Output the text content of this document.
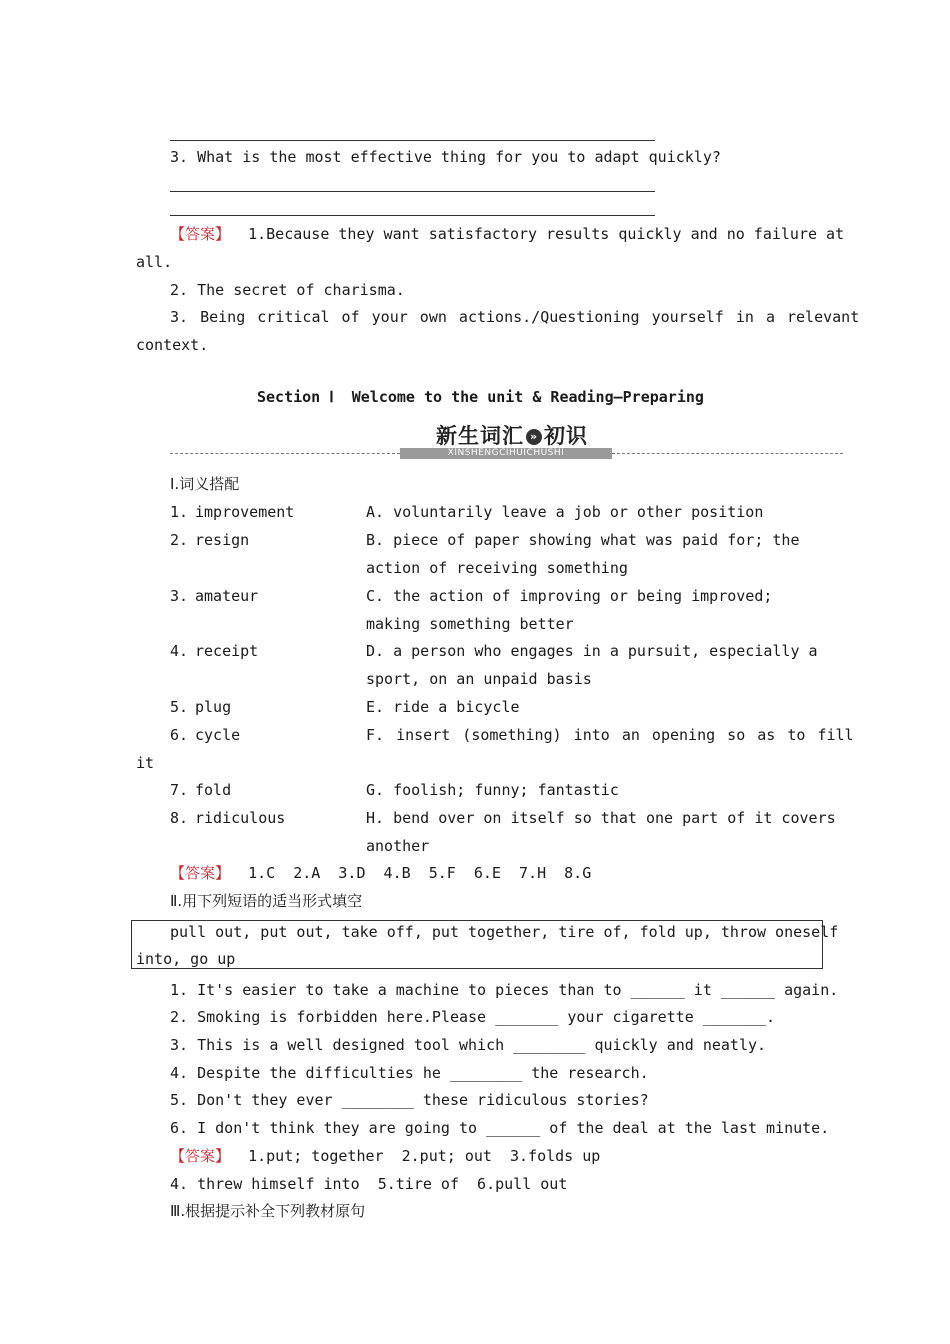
3. What is the most effective thing for you to adapt quickly?
【答案】 1.Because they want satisfactory results quickly and no failure at
all.
2. The secret of charisma.
3. Being critical of your own actions./Questioning yourself in a relevant
context.
Section Ⅰ  Welcome to the unit & Reading—Preparing
新生词汇 » 初识
XINSHENGCIHUICHUSHI
Ⅰ.词义搭配
1. improvement	A. voluntarily leave a job or other position
2. resign	B. piece of paper showing what was paid for; the
action of receiving something
3. amateur	C. the action of improving or being improved;
making something better
4. receipt	D. a person who engages in a pursuit, especially a
sport, on an unpaid basis
5. plug	E. ride a bicycle
6. cycle	F. insert (something) into an opening so as to fill
it
7. fold	G. foolish; funny; fantastic
8. ridiculous	H. bend over on itself so that one part of it covers
another
【答案】 1.C  2.A  3.D  4.B  5.F  6.E  7.H  8.G
Ⅱ.用下列短语的适当形式填空
pull out, put out, take off, put together, tire of, fold up, throw oneself
into, go up
1. It's easier to take a machine to pieces than to ______ it ______ again.
2. Smoking is forbidden here.Please _______ your cigarette _______.
3. This is a well designed tool which ________ quickly and neatly.
4. Despite the difficulties he ________ the research.
5. Don't they ever ________ these ridiculous stories?
6. I don't think they are going to ______ of the deal at the last minute.
【答案】 1.put; together  2.put; out  3.folds up
4. threw himself into  5.tire of  6.pull out
Ⅲ.根据提示补全下列教材原句
